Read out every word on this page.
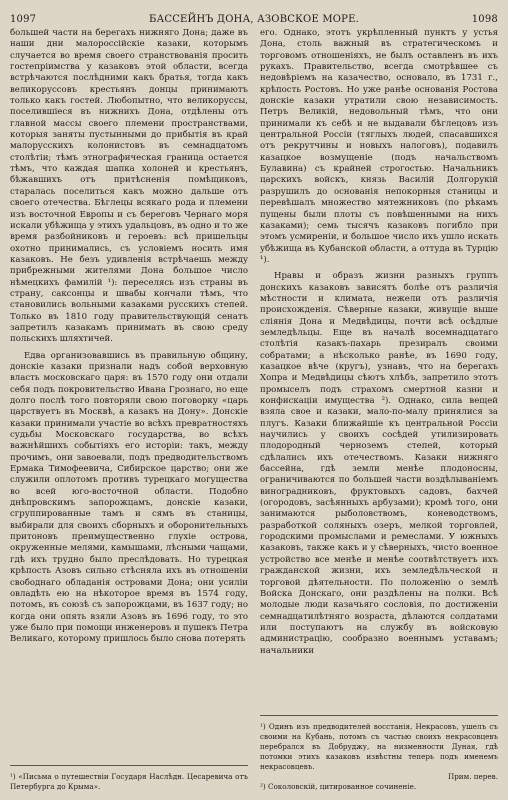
1097	БАССЕЙНЪ ДОНА, АЗОВСКОЕ МОРЕ.	1098

большей части на берегахъ нижняго Дона; даже въ наши дни малороссійскіе казаки, которымъ случается во время своего странствованія просить гостепріимства у казаковъ этой области, всегда встрѣчаются послѣдними какъ братья, тогда какъ великоруссовъ крестьянъ донцы принимаютъ только какъ гостей. Любопытно, что великоруссы, поселившіеся въ нижнихъ Дона, отдѣлены отъ главной массы своего племени пространствами, которыя заняты пустынными до прибытія въ край малорусскихъ колонистовъ въ семнадцатомъ столѣтіи; тѣмъ этнографическая граница остается тѣмъ, что каждая шапка холоней и крестьянъ, бѣжавшихъ отъ притѣсненія помѣщиковъ, старалась поселиться какъ можно дальше отъ своего отечества. Бѣглецы всякаго рода и племени изъ восточной Европы и съ береговъ Чернаго моря искали убѣжища у этихъ удальцовъ, въ одно и то же время разбойниковъ и героевъ: всѣ пришельцы охотно принимались, съ условіемъ носить имя казаковъ. Не безъ удивленія встрѣчаешь между прибрежными жителями Дона большое число нѣмецкихъ фамилій ¹): переселясь изъ страны въ страну, саксонцы и швабы кончали тѣмъ, что становились вольными казаками русскихъ степей. Только въ 1810 году правительствующій сенатъ запретилъ казакамъ принимать въ свою среду польскихъ шляхтичей.

Едва организовавшись въ правильную общину, донскіе казаки признали надъ собой верховную власть московскаго царя: въ 1570 году они отдали себя подъ покровительство Ивана Грознаго, но еще долго послѣ того повторяли свою поговорку «царь царствуетъ въ Москвѣ, а казакъ на Дону». Донскіе казаки принимали участіе во всѣхъ превратностяхъ судьбы Московскаго государства, во всѣхъ важнѣйшихъ событіяхъ его исторіи: такъ, между прочимъ, они завоевали, подъ предводительствомъ Ермака Тимофеевича, Сибирское царство; они же служили оплотомъ противъ турецкаго могущества во всей юго-восточной области. Подобно днѣпровскимъ запорожцамъ, донскіе казаки, сгруппированные тамъ и сямъ въ станицы, выбирали для своихъ сборныхъ и оборонительныхъ притоновъ преимущественно глухіе острова, окруженные мелями, камышами, лѣсными чащами, гдѣ ихъ трудно было преслѣдовать. Но турецкая крѣпость Азовъ сильно стѣсняла ихъ въ отношеніи свободнаго обладанія островами Дона; они усиліи овладѣть ею на нѣкоторое время въ 1574 году, потомъ, въ союзѣ съ запорожцами, въ 1637 году; но когда они опять взяли Азовъ въ 1696 году, то это уже было при помощи инженеровъ и пушекъ Петра Великаго, которому пришлось было снова потерять

¹) «Письма о путешествіи Государя Наслѣдн. Цесаревича отъ Петербурга до Крыма».

его. Однако, этотъ укрѣпленный пунктъ у устья Дона, столь важный въ стратегическомъ и торговомъ отношеніяхъ, не былъ оставленъ въ ихъ рукахъ. Правительство, всегда смотрѣвшее съ недовѣріемъ на казачество, основало, въ 1731 г., крѣпость Ростовъ. Но уже ранѣе основанія Ростова донскіе казаки утратили свою независимость. Петръ Великій, недовольный тѣмъ, что они принимали къ себѣ и не выдавали бѣглецовъ изъ центральной Россіи (тяглыхъ людей, спасавшихся отъ рекрутчины и новыхъ налоговъ), подавилъ казацкое возмущеніе (подъ начальствомъ Булавина) съ крайней строгостью. Начальникъ царскихъ войскъ, князь Василій Долгорукій разрушилъ до основанія непокорныя станицы и перевѣшалъ множество мятежниковъ (по рѣкамъ пущены были плоты съ повѣшенными на нихъ казаками); семь тысячъ казаковъ погибло при этомъ усмиреніи, и большое число ихъ ушло искать убѣжища въ Кубанской области, а оттуда въ Турцію ¹).

Нравы и образъ жизни разныхъ группъ донскихъ казаковъ зависятъ болѣе отъ различія мѣстности и климата, нежели отъ различія происхожденія. Сѣверные казаки, живущіе выше слiянія Дона и Медвѣдицы, почти всѣ осѣдлые земледѣльцы. Еще въ началѣ восемнадцатаго столѣтія казакъ-пахарь презиралъ своими собратами; а нѣсколько ранѣе, въ 1690 году, казацкое вѣче (кругъ), узнавъ, что на берегахъ Хопра и Медвѣдицы сѣютъ хлѣбъ, запретило этотъ промыселъ подъ страхомъ смертной казни и конфискаціи имущества ²). Однако, сила вещей взяла свое и казаки, мало-по-малу принялися за плугъ. Казаки ближайшіе къ центральной Россіи научились у своихъ сосѣдей утилизировать плодородный черноземъ степей, который сдѣлались ихъ отечествомъ. Казаки нижняго бассейна, гдѣ земли менѣе плодоносны, ограничиваются по большей части воздѣлываніемъ виноградниковъ, фруктовыхъ садовъ, бахчей (огородовъ, засѣянныхъ арбузами); кромѣ того, они занимаются рыболовствомъ, коневодствомъ, разработкой соляныхъ озеръ, мелкой торговлей, городскими промыслами и ремеслами. У южныхъ казаковъ, также какъ и у сѣверныхъ, чисто военное устройство все менѣе и менѣе соотвѣтствуетъ ихъ гражданской жизни, ихъ земледѣльческой и торговой дѣятельности. По положенію о землѣ Войска Донскаго, они раздѣлены на полки. Всѣ молодые люди казачьяго сословія, по достиженіи семнадцатилѣтняго возраста, дѣлаются солдатами или поступаютъ на службу въ войсковую администрацію, сообразно военнымъ уставамъ; начальники

¹) Одинъ изъ предводителей восстанія, Некрасовъ, ушелъ съ своими на Кубань, потомъ съ частью своихъ некрасовцевъ перебрался въ Добруджу, на низменности Дуная, гдѣ потомки этихъ казаковъ извѣстны теперь подъ именемъ некрасовцевъ.
Прим. перев.
²) Соколовскій, цитированное сочиненіе.
